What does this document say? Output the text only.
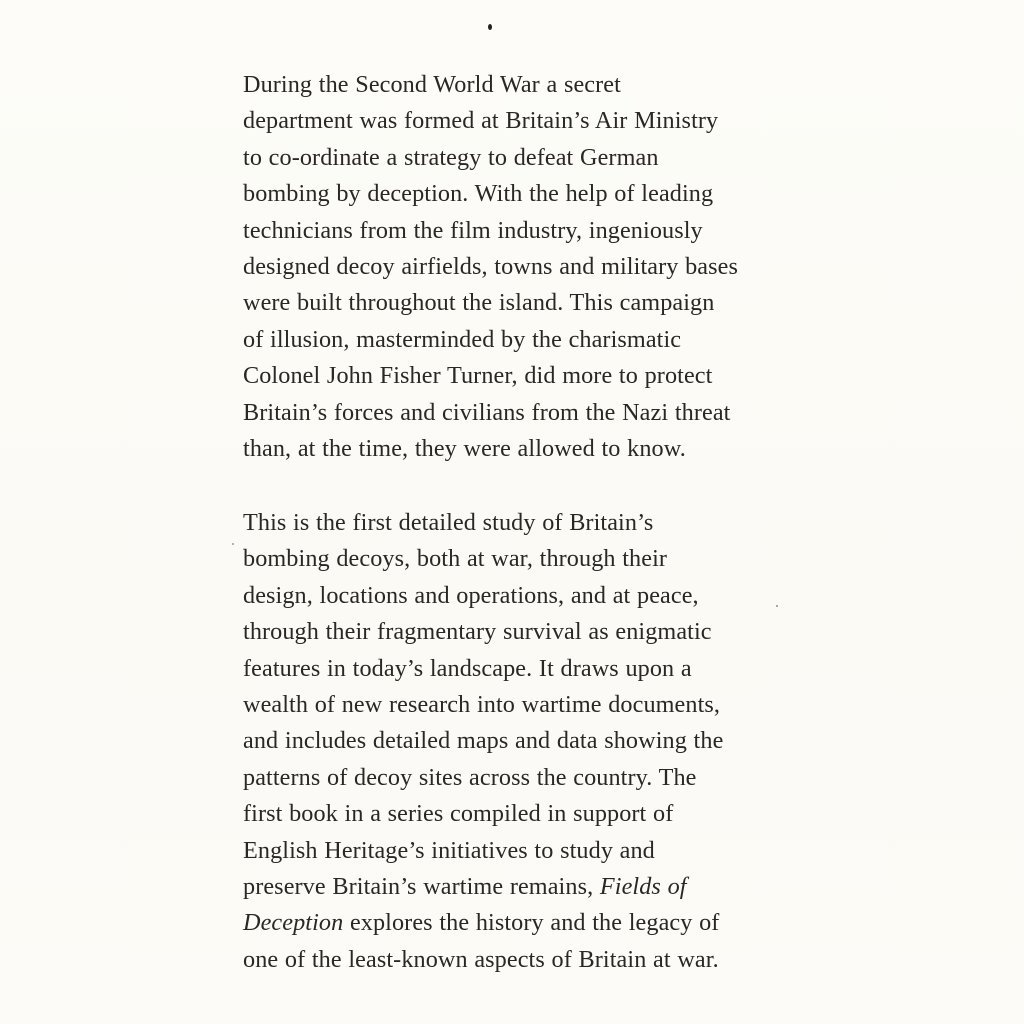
During the Second World War a secret
department was formed at Britain’s Air Ministry
to co-ordinate a strategy to defeat German
bombing by deception. With the help of leading
technicians from the film industry, ingeniously
designed decoy airfields, towns and military bases
were built throughout the island. This campaign
of illusion, masterminded by the charismatic
Colonel John Fisher Turner, did more to protect
Britain’s forces and civilians from the Nazi threat
than, at the time, they were allowed to know.
This is the first detailed study of Britain’s
bombing decoys, both at war, through their
design, locations and operations, and at peace,
through their fragmentary survival as enigmatic
features in today’s landscape. It draws upon a
wealth of new research into wartime documents,
and includes detailed maps and data showing the
patterns of decoy sites across the country. The
first book in a series compiled in support of
English Heritage’s initiatives to study and
preserve Britain’s wartime remains, Fields of
Deception explores the history and the legacy of
one of the least-known aspects of Britain at war.
